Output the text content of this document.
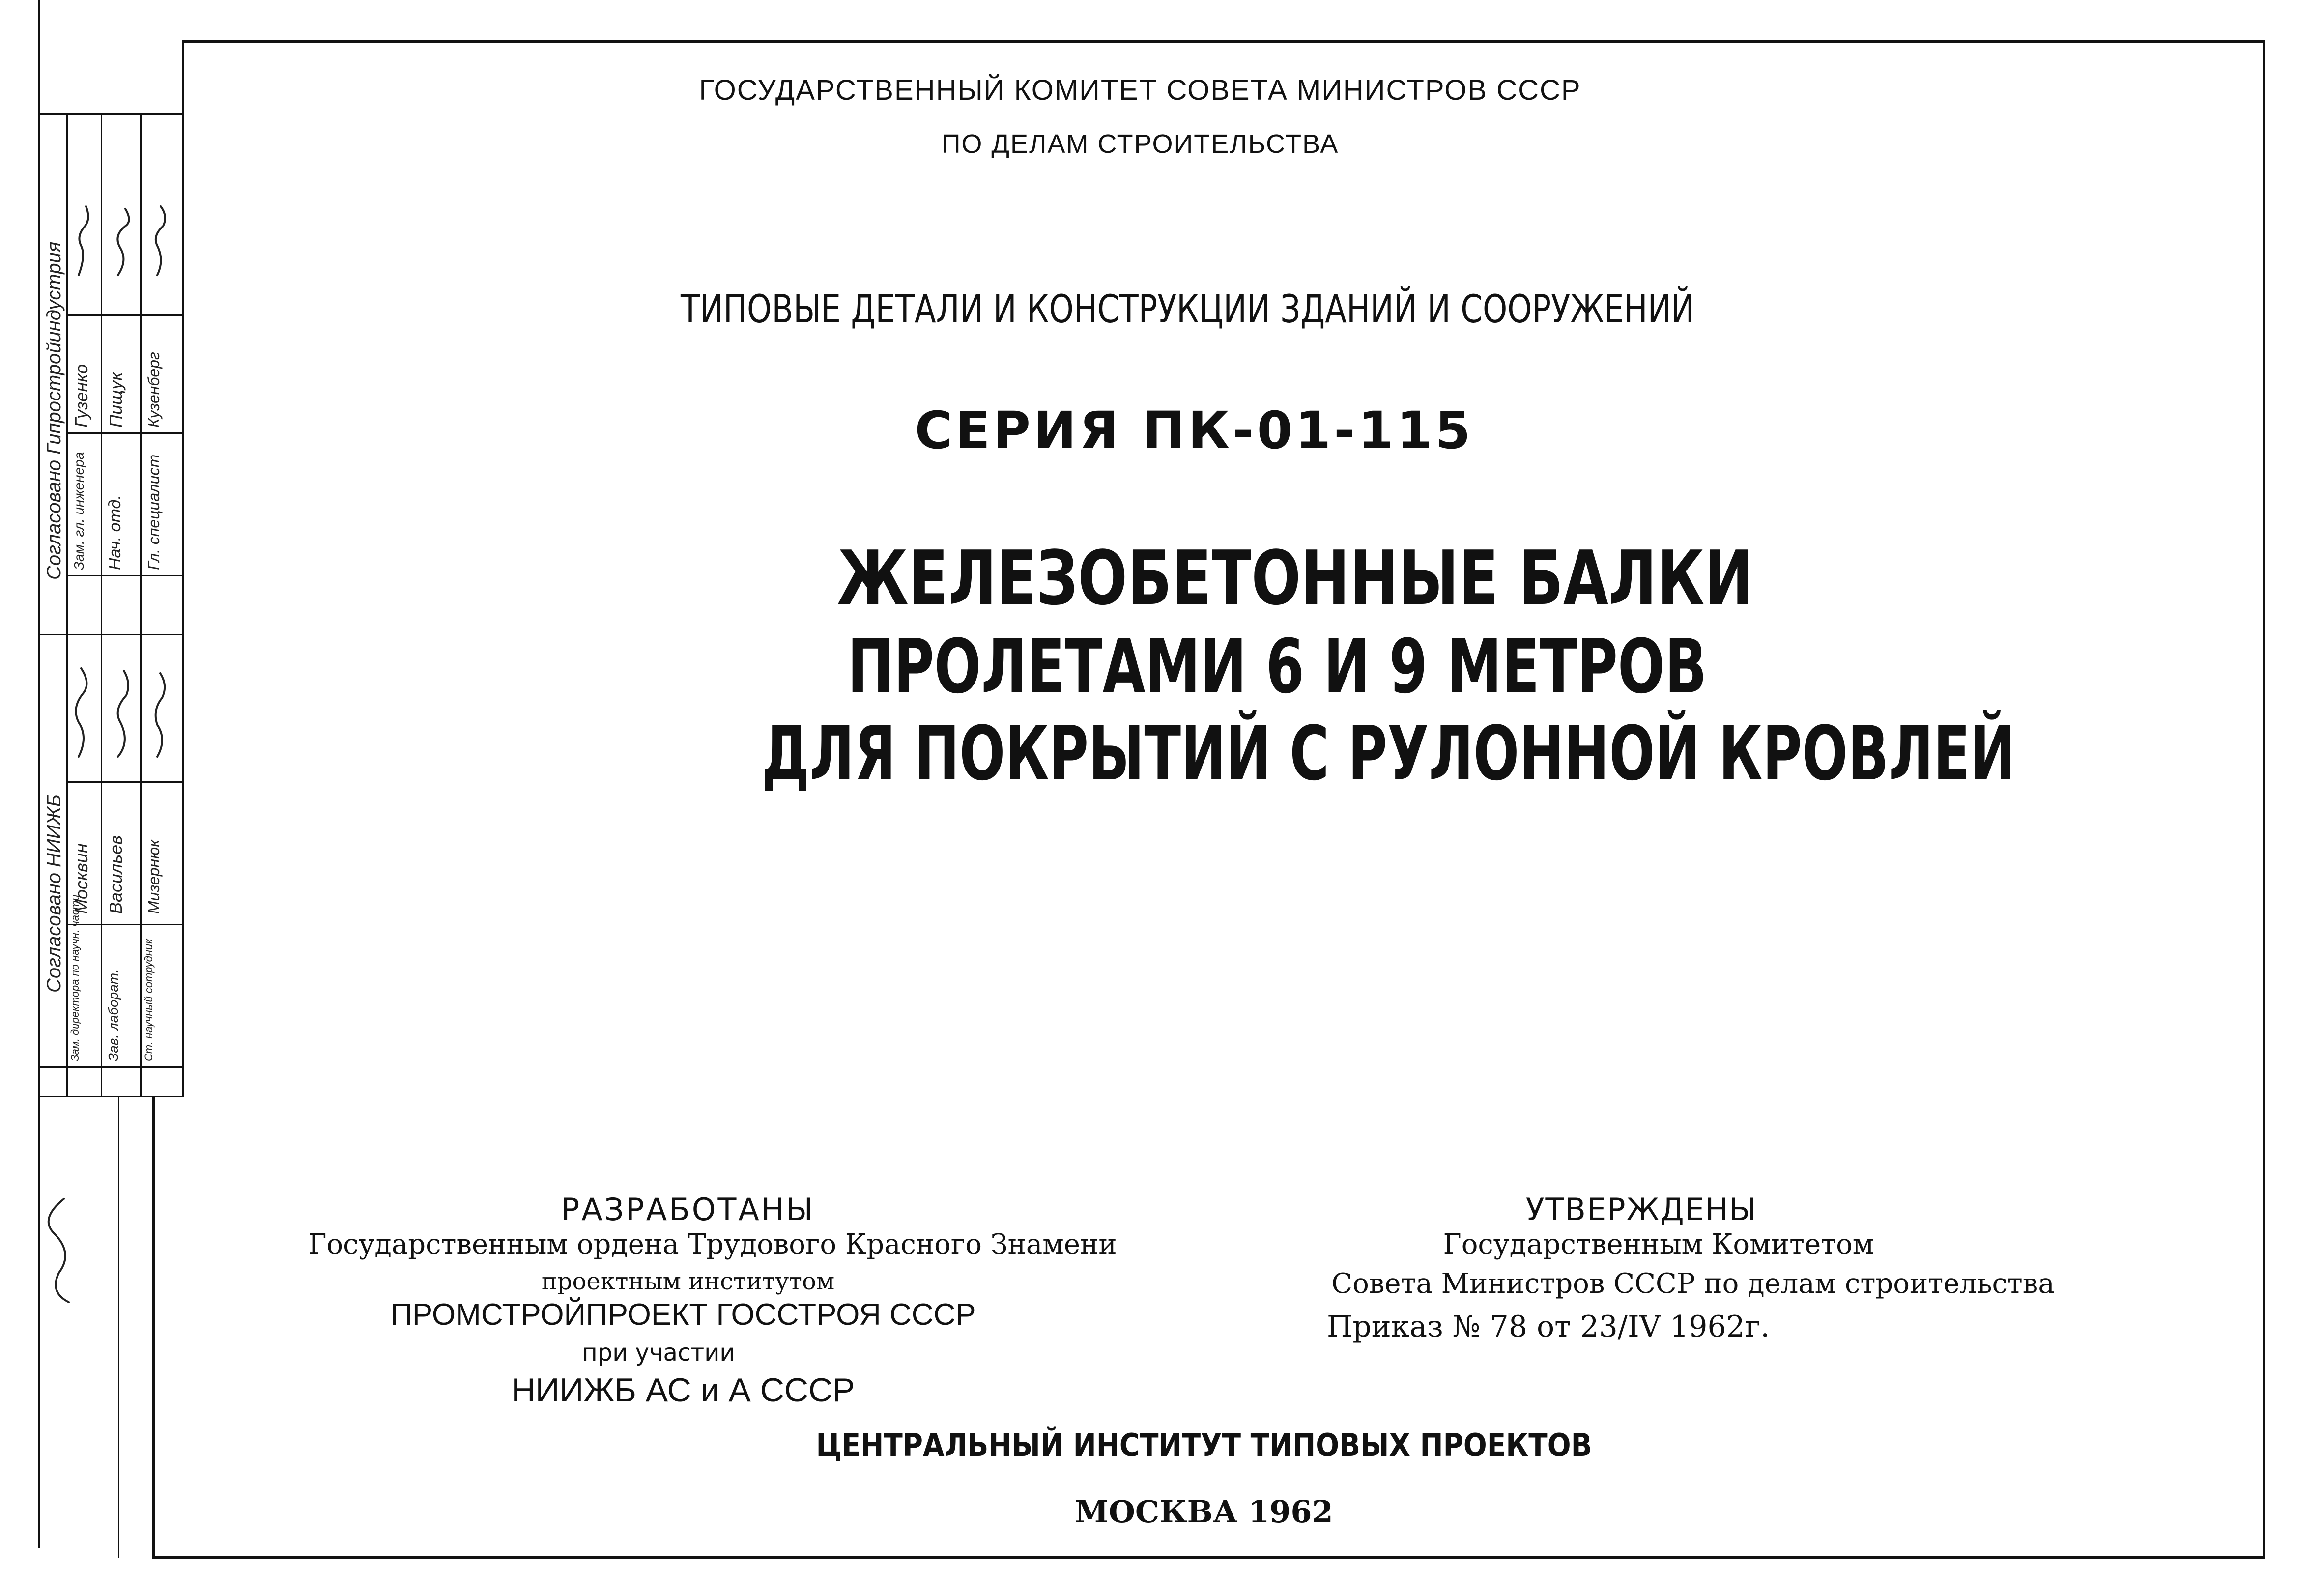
Согласовано Гипростройиндустрия Зам. гл. инженера Нач. отд. Гл. специалист
Гузенко Пищук Кузенберг
Согласовано НИИЖБ Зам. директора по научн. части Зав. лаборат. Ст. научный сотрудник
Москвин Васильев Мизернюк
ГОСУДАРСТВЕННЫЙ КОМИТЕТ СОВЕТА МИНИСТРОВ СССР
ПО ДЕЛАМ СТРОИТЕЛЬСТВА
ТИПОВЫЕ ДЕТАЛИ И КОНСТРУКЦИИ ЗДАНИЙ И СООРУЖЕНИЙ
СЕРИЯ ПК-01-115
ЖЕЛЕЗОБЕТОННЫЕ БАЛКИ
ПРОЛЕТАМИ 6 И 9 МЕТРОВ
ДЛЯ ПОКРЫТИЙ С РУЛОННОЙ КРОВЛЕЙ
РАЗРАБОТАНЫ
Государственным ордена Трудового Красного Знамени
проектным институтом
ПРОМСТРОЙПРОЕКТ ГОССТРОЯ СССР
при участии
НИИЖБ АС и А СССР
УТВЕРЖДЕНЫ
Государственным Комитетом
Совета Министров СССР по делам строительства
Приказ № 78 от 23/IV 1962г.
ЦЕНТРАЛЬНЫЙ ИНСТИТУТ ТИПОВЫХ ПРОЕКТОВ
МОСКВА 1962
